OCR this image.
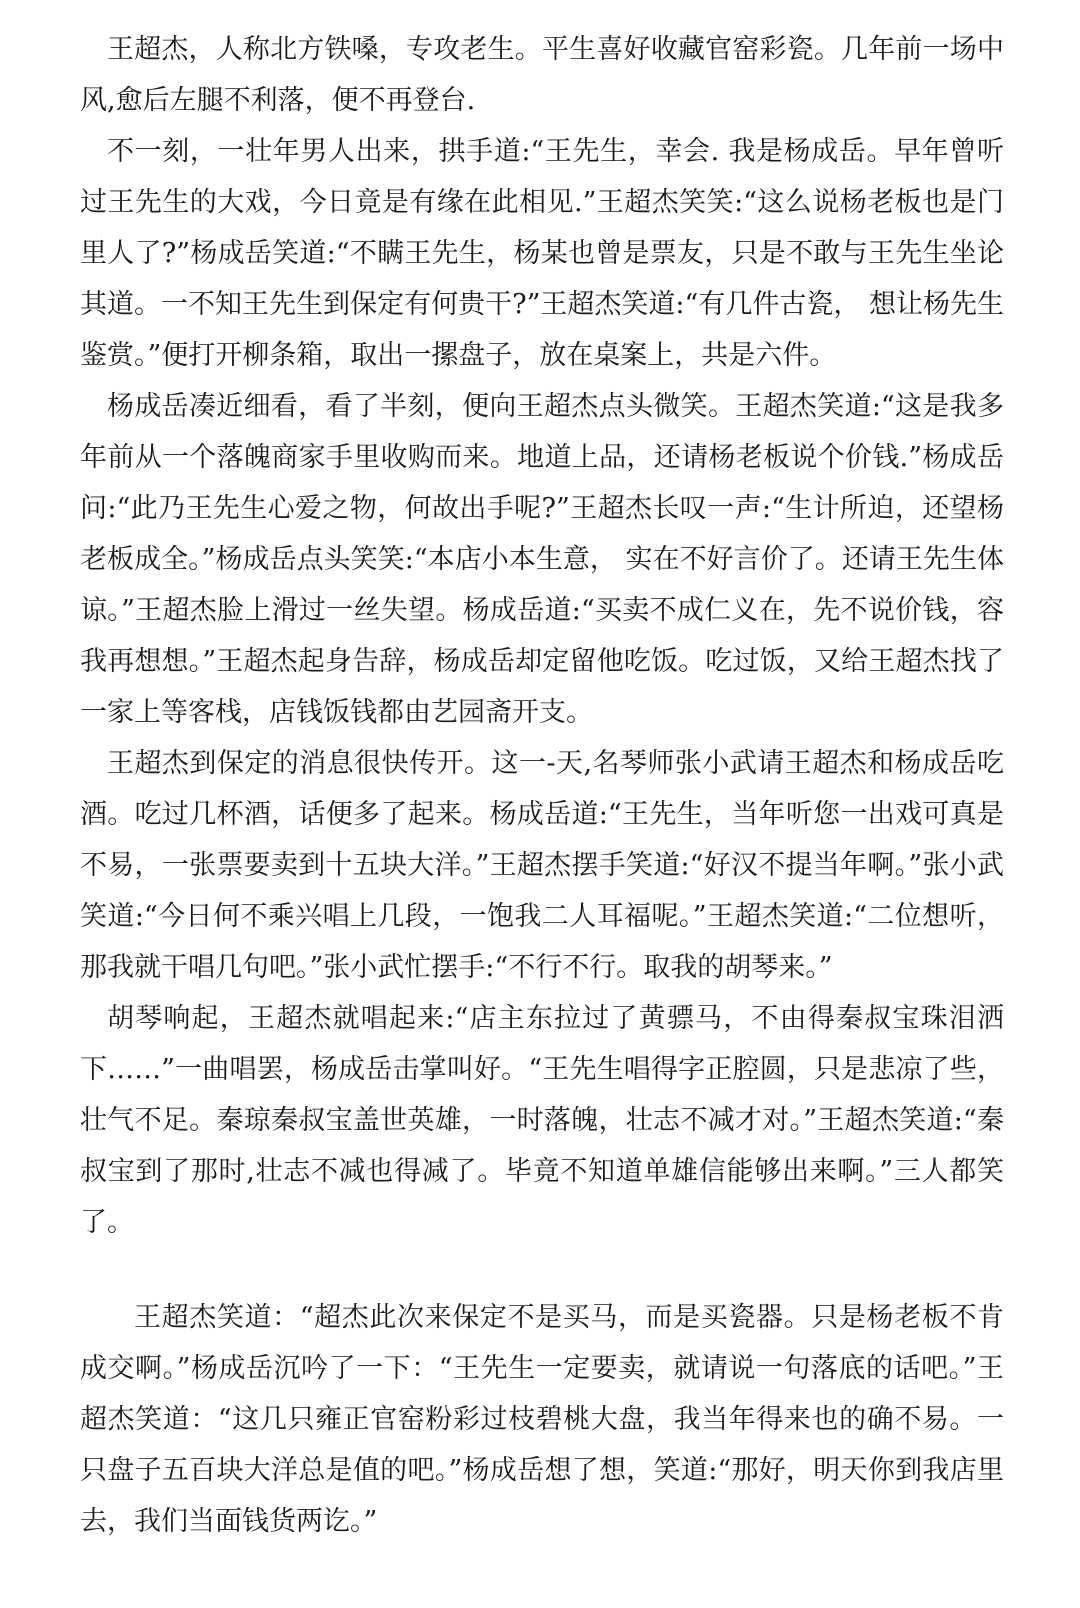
王超杰，人称北方铁嗓，专攻老生。平生喜好收藏官窑彩瓷。几年前一场中风,愈后左腿不利落，便不再登台.

不一刻，一壮年男人出来，拱手道:“王先生，幸会. 我是杨成岳。早年曾听过王先生的大戏，今日竟是有缘在此相见.”王超杰笑笑:“这么说杨老板也是门里人了?”杨成岳笑道:“不瞒王先生，杨某也曾是票友，只是不敢与王先生坐论其道。一不知王先生到保定有何贵干?”王超杰笑道:“有几件古瓷， 想让杨先生鉴赏。”便打开柳条箱，取出一摞盘子，放在桌案上，共是六件。

杨成岳凑近细看，看了半刻，便向王超杰点头微笑。王超杰笑道:“这是我多年前从一个落魄商家手里收购而来。地道上品，还请杨老板说个价钱.”杨成岳问:“此乃王先生心爱之物，何故出手呢?”王超杰长叹一声:“生计所迫，还望杨老板成全。”杨成岳点头笑笑:“本店小本生意， 实在不好言价了。还请王先生体谅。”王超杰脸上滑过一丝失望。杨成岳道:“买卖不成仁义在，先不说价钱，容我再想想。”王超杰起身告辞，杨成岳却定留他吃饭。吃过饭，又给王超杰找了一家上等客栈，店钱饭钱都由艺园斋开支。

王超杰到保定的消息很快传开。这一-天,名琴师张小武请王超杰和杨成岳吃酒。吃过几杯酒，话便多了起来。杨成岳道:“王先生，当年听您一出戏可真是不易，一张票要卖到十五块大洋。”王超杰摆手笑道:“好汉不提当年啊。”张小武笑道:“今日何不乘兴唱上几段，一饱我二人耳福呢。”王超杰笑道:“二位想听，那我就干唱几句吧。”张小武忙摆手:“不行不行。取我的胡琴来。”

胡琴响起，王超杰就唱起来:“店主东拉过了黄骠马，不由得秦叔宝珠泪洒下……”一曲唱罢，杨成岳击掌叫好。“王先生唱得字正腔圆，只是悲凉了些，壮气不足。秦琼秦叔宝盖世英雄，一时落魄，壮志不减才对。”王超杰笑道:“秦叔宝到了那时,壮志不减也得减了。毕竟不知道单雄信能够出来啊。”三人都笑了。

王超杰笑道：“超杰此次来保定不是买马，而是买瓷器。只是杨老板不肯成交啊。”杨成岳沉吟了一下：“王先生一定要卖，就请说一句落底的话吧。”王超杰笑道：“这几只雍正官窑粉彩过枝碧桃大盘，我当年得来也的确不易。一只盘子五百块大洋总是值的吧。”杨成岳想了想，笑道:“那好，明天你到我店里去，我们当面钱货两讫。”
